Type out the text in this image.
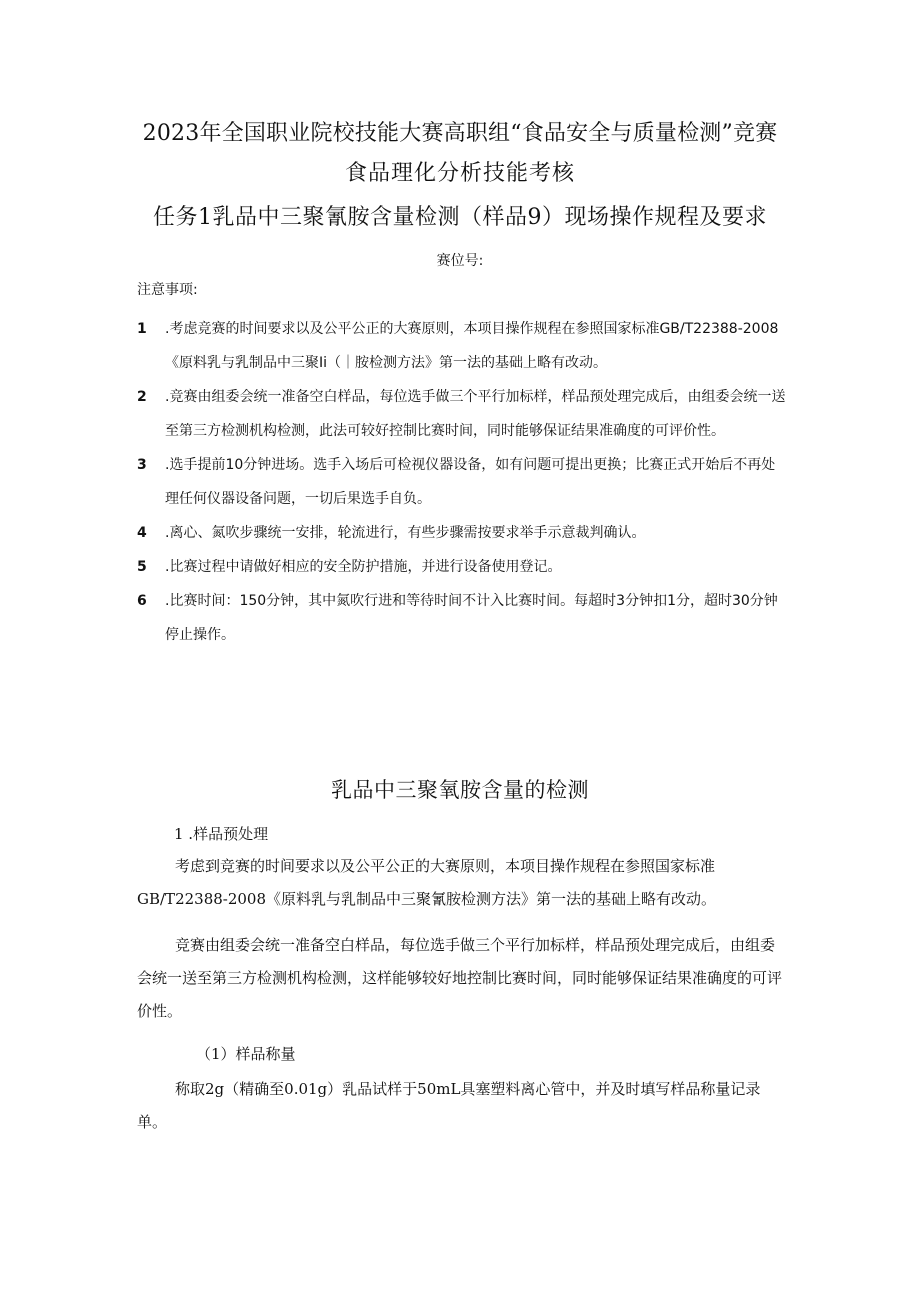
2023年全国职业院校技能大赛高职组“食品安全与质量检测”竞赛
食品理化分析技能考核
任务1乳品中三聚氰胺含量检测（样品9）现场操作规程及要求
赛位号:
注意事项:

1	.考虑竞赛的时间要求以及公平公正的大赛原则，本项目操作规程在参照国家标准GB/T22388-2008《原料乳与乳制品中三聚Ii（｜胺检测方法》第一法的基础上略有改动。

2	.竞赛由组委会统一准备空白样品，每位选手做三个平行加标样，样品预处理完成后，由组委会统一送至第三方检测机构检测，此法可较好控制比赛时间，同时能够保证结果准确度的可评价性。

3	.选手提前10分钟进场。选手入场后可检视仪器设备，如有问题可提出更换；比赛正式开始后不再处理任何仪器设备问题，一切后果选手自负。

4	.离心、氮吹步骤统一安排，轮流进行，有些步骤需按要求举手示意裁判确认。

5	.比赛过程中请做好相应的安全防护措施，并进行设备使用登记。

6	.比赛时间：150分钟，其中氮吹行进和等待时间不计入比赛时间。每超时3分钟扣1分，超时30分钟停止操作。

乳品中三聚氧胺含量的检测
1 .样品预处理
考虑到竞赛的时间要求以及公平公正的大赛原则，本项目操作规程在参照国家标准GB/T22388-2008《原料乳与乳制品中三聚氰胺检测方法》第一法的基础上略有改动。
竞赛由组委会统一准备空白样品，每位选手做三个平行加标样，样品预处理完成后，由组委会统一送至第三方检测机构检测，这样能够较好地控制比赛时间，同时能够保证结果准确度的可评价性。
（1）样品称量
称取2g（精确至0.01g）乳品试样于50mL具塞塑料离心管中，并及时填写样品称量记录单。
